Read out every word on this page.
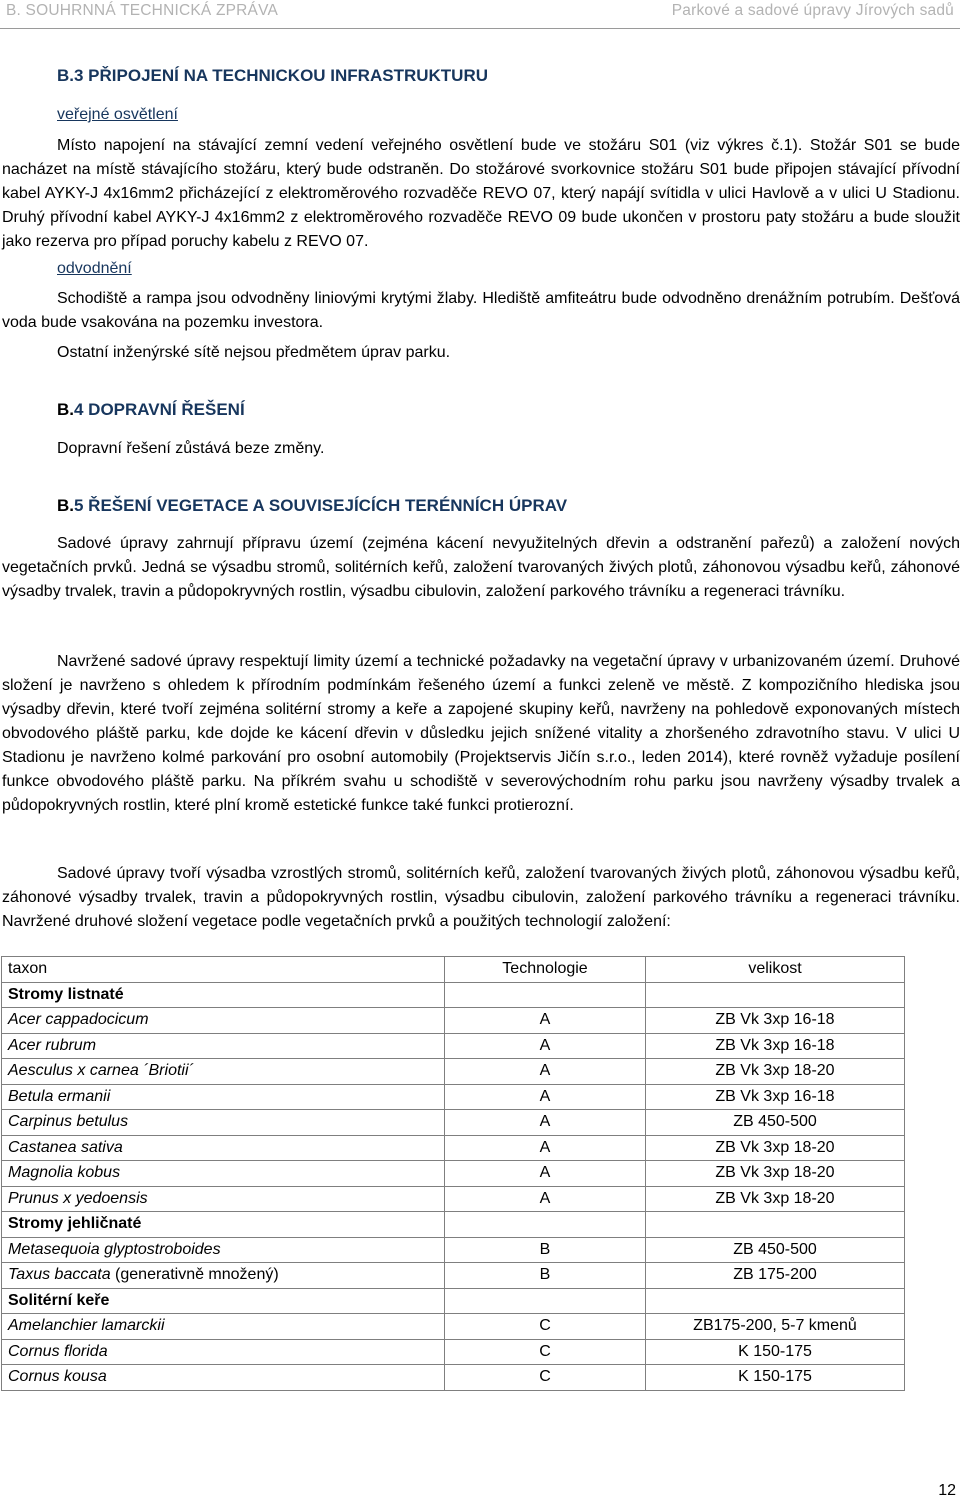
B. SOUHRNNÁ TECHNICKÁ ZPRÁVA	Parkové a sadové úpravy Jírových sadů
B.3 PŘIPOJENÍ NA TECHNICKOU INFRASTRUKTURU
veřejné osvětlení
Místo napojení na stávající zemní vedení veřejného osvětlení bude ve stožáru S01 (viz výkres č.1). Stožár S01 se bude nacházet na místě stávajícího stožáru, který bude odstraněn. Do stožárové svorkovnice stožáru S01 bude připojen stávající přívodní kabel AYKY-J 4x16mm2 přicházející z elektroměrového rozvaděče REVO 07, který napájí svítidla v ulici Havlově a v ulici U Stadionu. Druhý přívodní kabel AYKY-J 4x16mm2 z elektroměrového rozvaděče REVO 09 bude ukončen v prostoru paty stožáru a bude sloužit jako rezerva pro případ poruchy kabelu z REVO 07.
odvodnění
Schodiště a rampa jsou odvodněny liniovými krytými žlaby. Hlediště amfiteátru bude odvodněno drenážním potrubím. Dešťová voda bude vsakována na pozemku investora.
Ostatní inženýrské sítě nejsou předmětem úprav parku.
B.4 DOPRAVNÍ ŘEŠENÍ
Dopravní řešení zůstává beze změny.
B.5 ŘEŠENÍ VEGETACE A SOUVISEJÍCÍCH TERÉNNÍCH ÚPRAV
Sadové úpravy zahrnují přípravu území (zejména kácení nevyužitelných dřevin a odstranění pařezů) a založení nových vegetačních prvků. Jedná se výsadbu stromů, solitérních keřů, založení tvarovaných živých plotů, záhonovou výsadbu keřů, záhonové výsadby trvalek, travin a půdopokryvných rostlin, výsadbu cibulovin, založení parkového trávníku a regeneraci trávníku.
Navržené sadové úpravy respektují limity území a technické požadavky na vegetační úpravy v urbanizovaném území. Druhové složení je navrženo s ohledem k přírodním podmínkám řešeného území a funkci zeleně ve městě. Z kompozičního hlediska jsou výsadby dřevin, které tvoří zejména solitérní stromy a keře a zapojené skupiny keřů, navrženy na pohledově exponovaných místech obvodového pláště parku, kde dojde ke kácení dřevin v důsledku jejich snížené vitality a zhoršeného zdravotního stavu. V ulici U Stadionu je navrženo kolmé parkování pro osobní automobily (Projektservis Jičín s.r.o., leden 2014), které rovněž vyžaduje posílení funkce obvodového pláště parku. Na příkrém svahu u schodiště v severovýchodním rohu parku jsou navrženy výsadby trvalek a půdopokryvných rostlin, které plní kromě estetické funkce také funkci protierozní.
Sadové úpravy tvoří výsadba vzrostlých stromů, solitérních keřů, založení tvarovaných živých plotů, záhonovou výsadbu keřů, záhonové výsadby trvalek, travin a půdopokryvných rostlin, výsadbu cibulovin, založení parkového trávníku a regeneraci trávníku. Navržené druhové složení vegetace podle vegetačních prvků a použitých technologií založení:
taxon	Technologie	velikost
Stromy listnaté		
Acer cappadocicum	A	ZB Vk 3xp 16-18
Acer rubrum	A	ZB Vk 3xp 16-18
Aesculus x carnea ´Briotii´	A	ZB Vk 3xp 18-20
Betula ermanii	A	ZB Vk 3xp 16-18
Carpinus betulus	A	ZB 450-500
Castanea sativa	A	ZB Vk 3xp 18-20
Magnolia kobus	A	ZB Vk 3xp 18-20
Prunus x yedoensis	A	ZB Vk 3xp 18-20
Stromy jehličnaté		
Metasequoia glyptostroboides	B	ZB 450-500
Taxus baccata (generativně množený)	B	ZB 175-200
Solitérní keře		
Amelanchier lamarckii	C	ZB175-200, 5-7 kmenů
Cornus florida	C	K 150-175
Cornus kousa	C	K 150-175
12
